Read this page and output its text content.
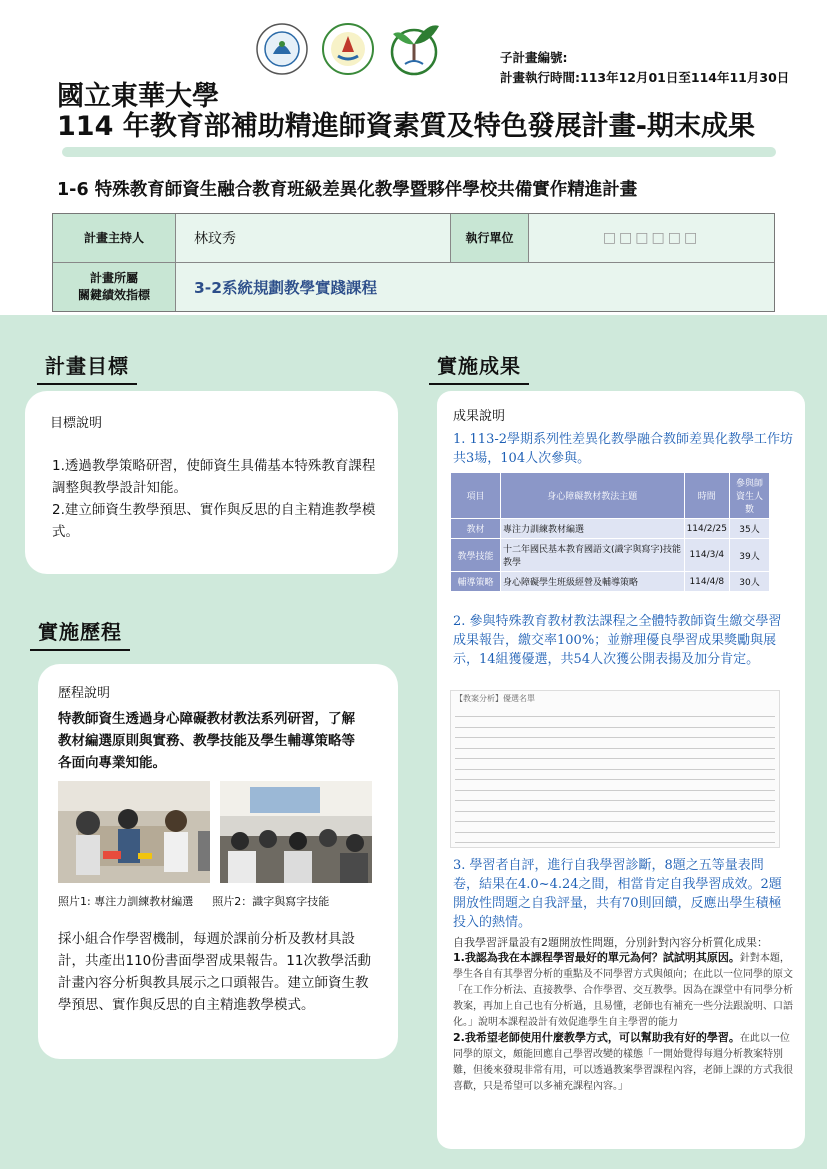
子計畫編號:
計畫執行時間:113年12月01日至114年11月30日
國立東華大學
114 年教育部補助精進師資素質及特色發展計畫-期末成果
1-6 特殊教育師資生融合教育班級差異化教學暨夥伴學校共備實作精進計畫
計畫主持人	林玟秀	執行單位	□□□□□□
計畫所屬
關鍵績效指標	3-2系統規劃教學實踐課程
計畫目標
目標說明
1.透過教學策略研習，使師資生具備基本特殊教育課程調整與教學設計知能。
2.建立師資生教學預思、實作與反思的自主精進教學模式。
實施歷程
歷程說明
特教師資生透過身心障礙教材教法系列研習，了解教材編選原則與實務、教學技能及學生輔導策略等各面向專業知能。
照片1: 專注力訓練教材編選 照片2：識字與寫字技能
採小組合作學習機制，每週於課前分析及教材具設計，共產出110份書面學習成果報告。11次教學活動計畫內容分析與教具展示之口頭報告。建立師資生教學預思、實作與反思的自主精進教學模式。
實施成果
成果說明
1. 113-2學期系列性差異化教學融合教師差異化教學工作坊共3場，104人次參與。
項目	身心障礙教材教法主題	時間	參與師資生人數
教材	專注力訓練教材編選	114/2/25	35人
教學技能	十二年國民基本教育國語文(識字與寫字)技能教學	114/3/4	39人
輔導策略	身心障礙學生班級經營及輔導策略	114/4/8	30人
2. 參與特殊教育教材教法課程之全體特教師資生繳交學習成果報告，繳交率100%；並辦理優良學習成果獎勵與展示，14組獲優選，共54人次獲公開表揚及加分肯定。
【教案分析】優選名單
3. 學習者自評，進行自我學習診斷，8題之五等量表問卷，結果在4.0~4.24之間，相當肯定自我學習成效。2題開放性問題之自我評量，共有70則回饋，反應出學生積極投入的熱情。
自我學習評量設有2題開放性問題，分別針對內容分析質化成果：
1.我認為我在本課程學習最好的單元為何？試試明其原因。針對本題，學生各自有其學習分析的重點及不同學習方式與傾向；在此以一位同學的原文「在工作分析法、直接教學、合作學習、交互教學。因為在課堂中有同學分析教案，再加上自己也有分析過，且易懂，老師也有補充一些分法跟說明、口語化。」說明本課程設計有效促進學生自主學習的能力
2.我希望老師使用什麼教學方式，可以幫助我有好的學習。在此以一位同學的原文，頗能回應自己學習改變的樣態「一開始覺得每週分析教案特別難，但後來發現非常有用，可以透過教案學習課程內容，老師上課的方式我很喜歡，只是希望可以多補充課程內容。」
